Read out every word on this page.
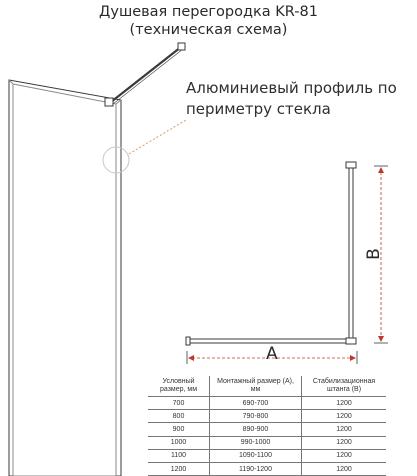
Душевая перегородка KR-81
(техническая схема)
Алюминиевый профиль по
периметру стекла
A
B
Условный размер, мм	Монтажный размер (A), мм	Стабилизационная штанга (B)
700	690-700	1200
800	790-800	1200
900	890-900	1200
1000	990-1000	1200
1100	1090-1100	1200
1200	1190-1200	1200
